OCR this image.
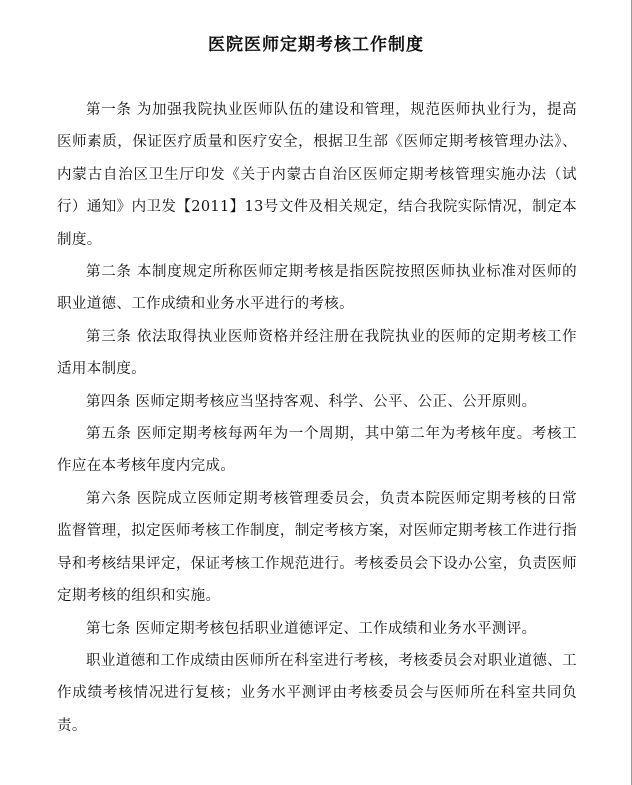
医院医师定期考核工作制度

第一条 为加强我院执业医师队伍的建设和管理，规范医师执业行为，提高医师素质，保证医疗质量和医疗安全，根据卫生部《医师定期考核管理办法》、内蒙古自治区卫生厅印发《关于内蒙古自治区医师定期考核管理实施办法（试行）通知》内卫发【2011】13号文件及相关规定，结合我院实际情况，制定本制度。

第二条 本制度规定所称医师定期考核是指医院按照医师执业标准对医师的职业道德、工作成绩和业务水平进行的考核。

第三条 依法取得执业医师资格并经注册在我院执业的医师的定期考核工作适用本制度。

第四条 医师定期考核应当坚持客观、科学、公平、公正、公开原则。

第五条 医师定期考核每两年为一个周期，其中第二年为考核年度。考核工作应在本考核年度内完成。

第六条 医院成立医师定期考核管理委员会，负责本院医师定期考核的日常监督管理，拟定医师考核工作制度，制定考核方案，对医师定期考核工作进行指导和考核结果评定，保证考核工作规范进行。考核委员会下设办公室，负责医师定期考核的组织和实施。

第七条 医师定期考核包括职业道德评定、工作成绩和业务水平测评。

职业道德和工作成绩由医师所在科室进行考核，考核委员会对职业道德、工作成绩考核情况进行复核；业务水平测评由考核委员会与医师所在科室共同负责。
